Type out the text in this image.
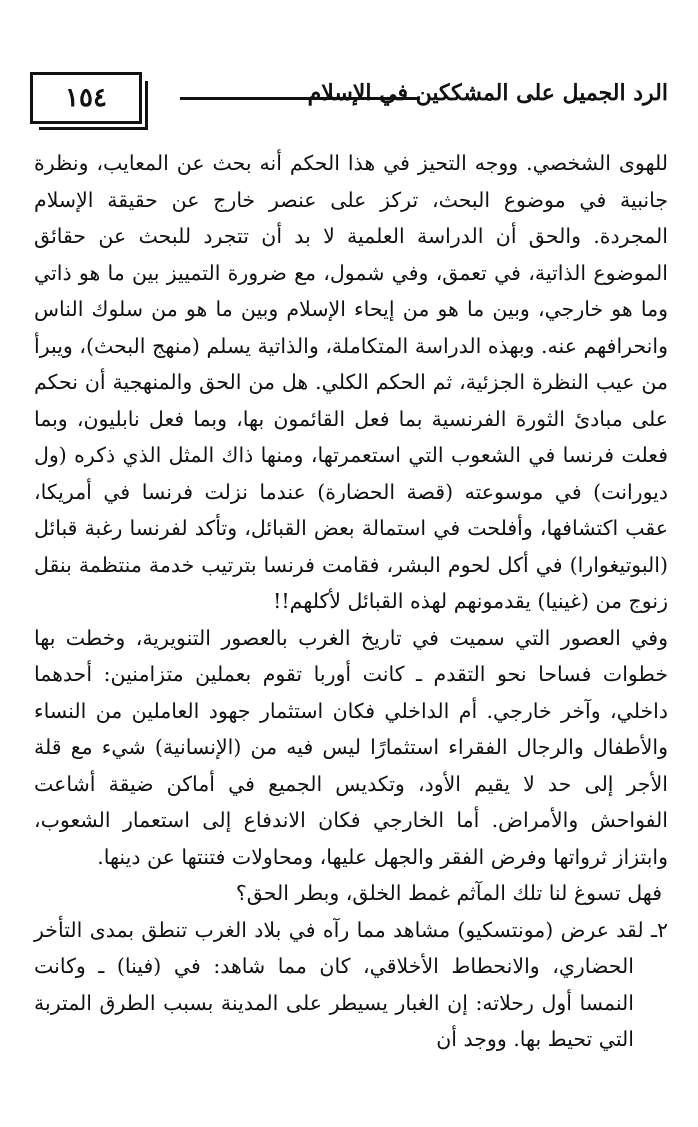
١٥٤	الرد الجميل على المشككين في الإسلام

للهوى الشخصي. ووجه التحيز في هذا الحكم أنه بحث عن المعايب، ونظرة جانبية في موضوع البحث، تركز على عنصر خارج عن حقيقة الإسلام المجردة. والحق أن الدراسة العلمية لا بد أن تتجرد للبحث عن حقائق الموضوع الذاتية، في تعمق، وفي شمول، مع ضرورة التمييز بين ما هو ذاتي وما هو خارجي، وبين ما هو من إيحاء الإسلام وبين ما هو من سلوك الناس وانحرافهم عنه. وبهذه الدراسة المتكاملة، والذاتية يسلم (منهج البحث)، ويبرأ من عيب النظرة الجزئية، ثم الحكم الكلي. هل من الحق والمنهجية أن نحكم على مبادئ الثورة الفرنسية بما فعل القائمون بها، وبما فعل نابليون، وبما فعلت فرنسا في الشعوب التي استعمرتها، ومنها ذاك المثل الذي ذكره (ول ديورانت) في موسوعته (قصة الحضارة) عندما نزلت فرنسا في أمريكا، عقب اكتشافها، وأفلحت في استمالة بعض القبائل، وتأكد لفرنسا رغبة قبائل (البوتيغوارا) في أكل لحوم البشر، فقامت فرنسا بترتيب خدمة منتظمة بنقل زنوج من (غينيا) يقدمونهم لهذه القبائل لأكلهم!!

وفي العصور التي سميت في تاريخ الغرب بالعصور التنويرية، وخطت بها خطوات فساحا نحو التقدم ـ كانت أوربا تقوم بعملين متزامنين: أحدهما داخلي، وآخر خارجي. أم الداخلي فكان استثمار جهود العاملين من النساء والأطفال والرجال الفقراء استثمارًا ليس فيه من (الإنسانية) شيء مع قلة الأجر إلى حد لا يقيم الأود، وتكديس الجميع في أماكن ضيقة أشاعت الفواحش والأمراض. أما الخارجي فكان الاندفاع إلى استعمار الشعوب، وابتزاز ثرواتها وفرض الفقر والجهل عليها، ومحاولات فتنتها عن دينها.

فهل تسوغ لنا تلك المآثم غمط الخلق، وبطر الحق؟

٢ـ لقد عرض (مونتسكيو) مشاهد مما رآه في بلاد الغرب تنطق بمدى التأخر الحضاري، والانحطاط الأخلاقي، كان مما شاهد: في (فينا) ـ وكانت النمسا أول رحلاته: إن الغبار يسيطر على المدينة بسبب الطرق المتربة التي تحيط بها. ووجد أن
